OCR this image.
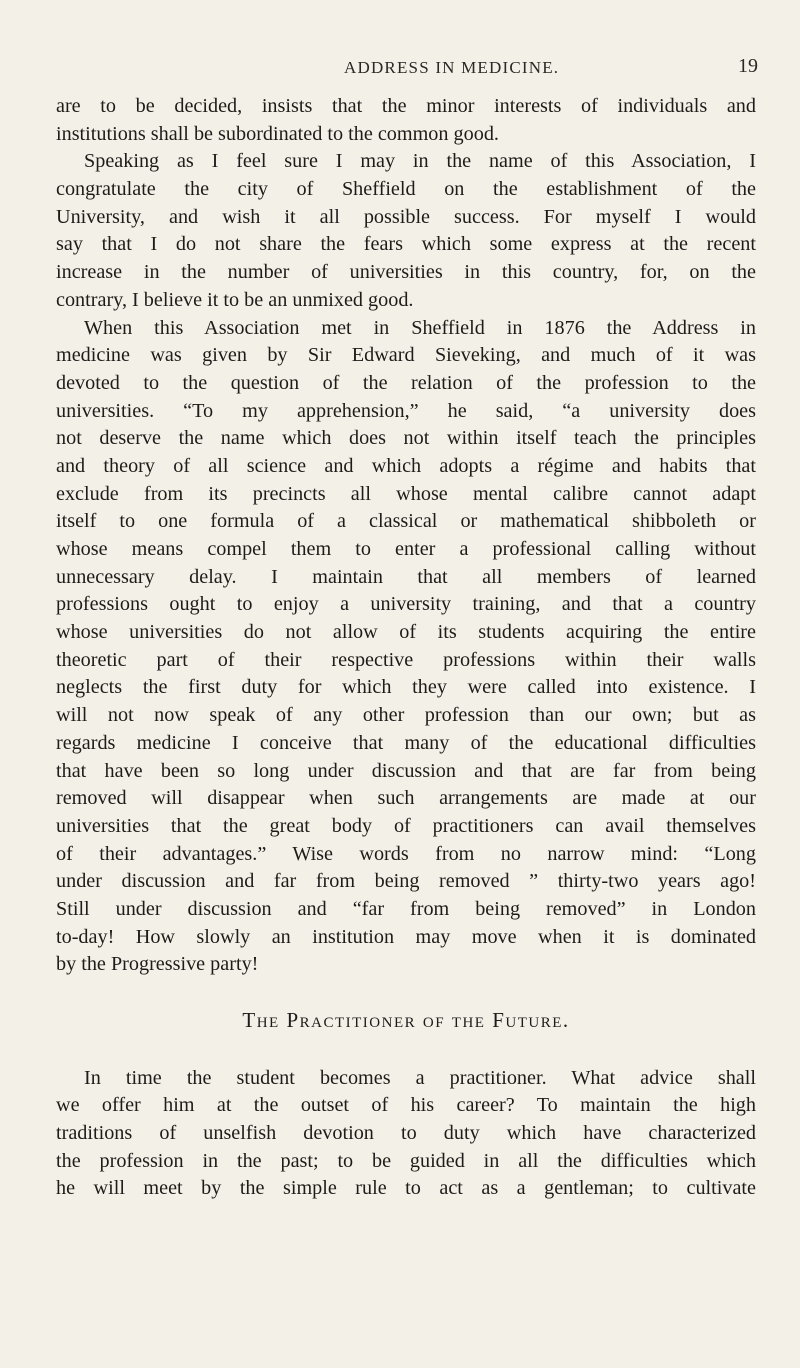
ADDRESS IN MEDICINE.	19
are to be decided, insists that the minor interests of individuals and
institutions shall be subordinated to the common good.
Speaking as I feel sure I may in the name of this Association, I
congratulate the city of Sheffield on the establishment of the
University, and wish it all possible success. For myself I would
say that I do not share the fears which some express at the recent
increase in the number of universities in this country, for, on the
contrary, I believe it to be an unmixed good.
When this Association met in Sheffield in 1876 the Address in
medicine was given by Sir Edward Sieveking, and much of it was
devoted to the question of the relation of the profession to the
universities. “To my apprehension,” he said, “a university does
not deserve the name which does not within itself teach the principles
and theory of all science and which adopts a régime and habits that
exclude from its precincts all whose mental calibre cannot adapt
itself to one formula of a classical or mathematical shibboleth or
whose means compel them to enter a professional calling without
unnecessary delay. I maintain that all members of learned
professions ought to enjoy a university training, and that a country
whose universities do not allow of its students acquiring the entire
theoretic part of their respective professions within their walls
neglects the first duty for which they were called into existence. I
will not now speak of any other profession than our own; but as
regards medicine I conceive that many of the educational difficulties
that have been so long under discussion and that are far from being
removed will disappear when such arrangements are made at our
universities that the great body of practitioners can avail themselves
of their advantages.” Wise words from no narrow mind: “Long
under discussion and far from being removed ” thirty-two years ago!
Still under discussion and “far from being removed” in London
to-day! How slowly an institution may move when it is dominated
by the Progressive party!
The Practitioner of the Future.
In time the student becomes a practitioner. What advice shall
we offer him at the outset of his career? To maintain the high
traditions of unselfish devotion to duty which have characterized
the profession in the past; to be guided in all the difficulties which
he will meet by the simple rule to act as a gentleman; to cultivate
